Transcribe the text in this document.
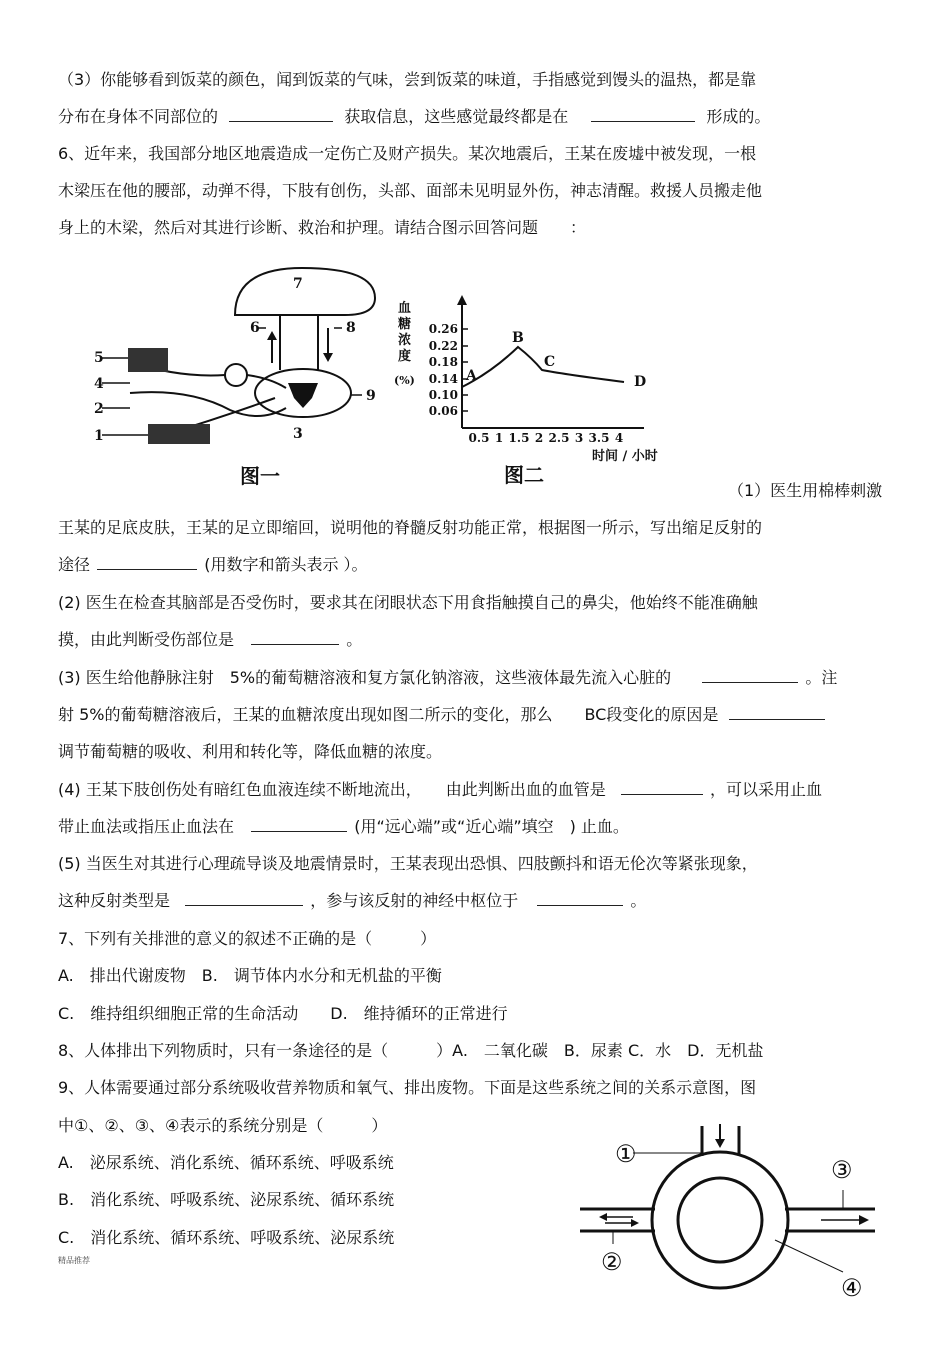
（3）你能够看到饭菜的颜色，闻到饭菜的气味，尝到饭菜的味道，手指感觉到馒头的温热，都是靠
分布在身体不同部位的	获取信息，这些感觉最终都是在	形成的。
6、近年来，我国部分地区地震造成一定伤亡及财产损失。某次地震后，王某在废墟中被发现，一根
木梁压在他的腰部，动弹不得，下肢有创伤，头部、面部未见明显外伤，神志清醒。救援人员搬走他
身上的木梁，然后对其进行诊断、救治和护理。请结合图示回答问题　　：
1
2
3
4
5
6
7
8
9
图一
血
糖
浓
度
(%)
0.26
0.22
0.18
0.14
0.10
0.06
0.5 1 1.5 2 2.5 3 3.5 4
时间 / 小时
A
B
C
D
图二
（1）医生用棉棒刺激
王某的足底皮肤，王某的足立即缩回，说明他的脊髓反射功能正常，根据图一所示，写出缩足反射的
途径	(用数字和箭头表示 ）。
(2) 医生在检查其脑部是否受伤时，要求其在闭眼状态下用食指触摸自己的鼻尖，他始终不能准确触
摸，由此判断受伤部位是	。
(3) 医生给他静脉注射　5%的葡萄糖溶液和复方氯化钠溶液，这些液体最先流入心脏的	。注
射 5%的葡萄糖溶液后，王某的血糖浓度出现如图二所示的变化，那么　　BC段变化的原因是
调节葡萄糖的吸收、利用和转化等，降低血糖的浓度。
(4) 王某下肢创伤处有暗红色血液连续不断地流出，　　由此判断出血的血管是	，可以采用止血
带止血法或指压止血法在	(用“远心端”或“近心端”填空　) 止血。
(5) 当医生对其进行心理疏导谈及地震情景时，王某表现出恐惧、四肢颤抖和语无伦次等紧张现象，
这种反射类型是	，参与该反射的神经中枢位于	。
7、下列有关排泄的意义的叙述不正确的是（　　　）
A.　排出代谢废物　B.　调节体内水分和无机盐的平衡
C.　维持组织细胞正常的生命活动　　D.　维持循环的正常进行
8、人体排出下列物质时，只有一条途径的是（　　　）A.　二氧化碳　B．尿素 C．水　D．无机盐
9、人体需要通过部分系统吸收营养物质和氧气、排出废物。下面是这些系统之间的关系示意图，图
中①、②、③、④表示的系统分别是（　　　）
A.　泌尿系统、消化系统、循环系统、呼吸系统
B.　消化系统、呼吸系统、泌尿系统、循环系统
C.　消化系统、循环系统、呼吸系统、泌尿系统
①
②
③
④
精品推荐
